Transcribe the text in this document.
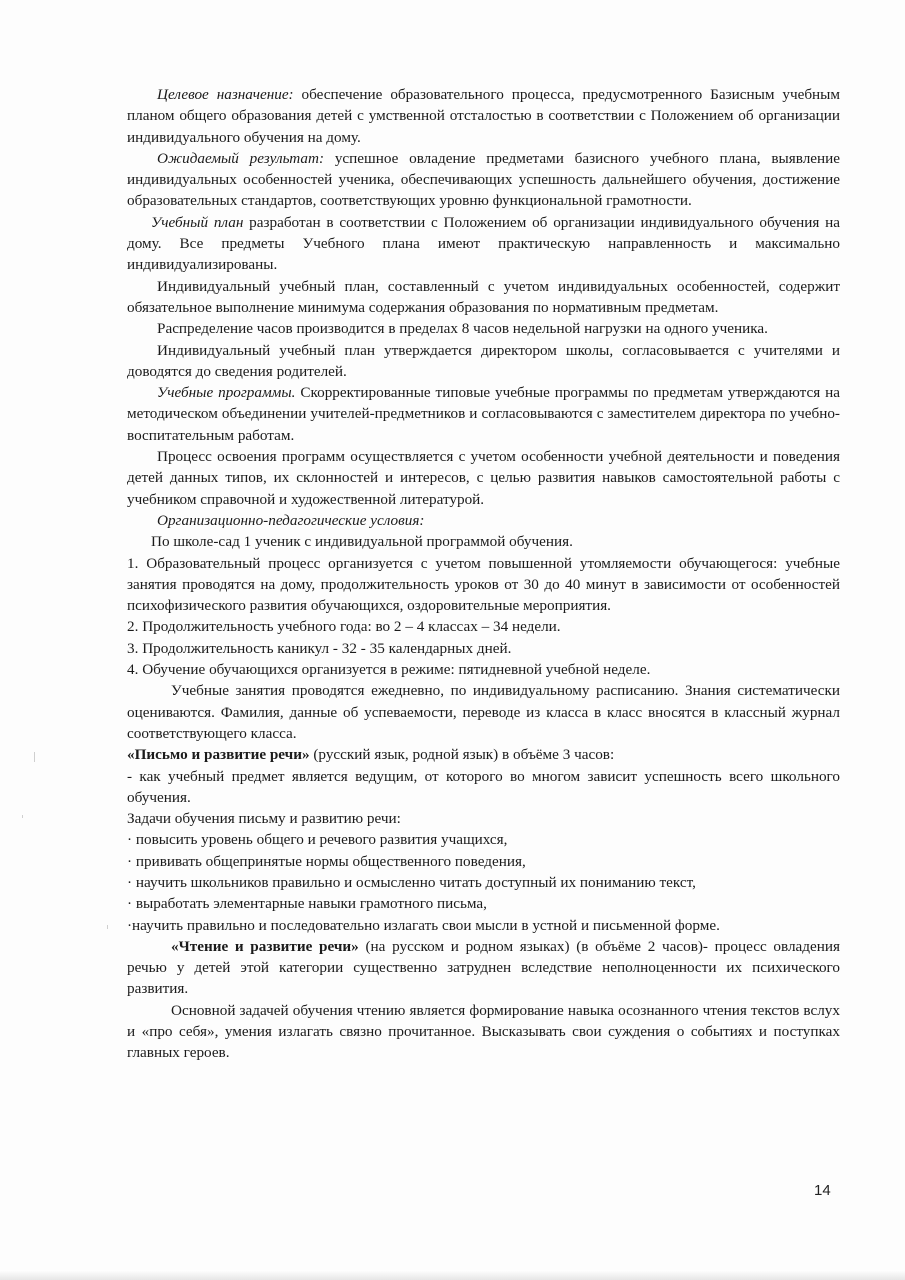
Целевое назначение: обеспечение образовательного процесса, предусмотренного Базисным учебным планом общего образования детей с умственной отсталостью в соответствии с Положением об организации индивидуального обучения на дому.

Ожидаемый результат: успешное овладение предметами базисного учебного плана, выявление индивидуальных особенностей ученика, обеспечивающих успешность дальнейшего обучения, достижение образовательных стандартов, соответствующих уровню функциональной грамотности.

Учебный план разработан в соответствии с Положением об организации индивидуального обучения на дому. Все предметы Учебного плана имеют практическую направленность и максимально индивидуализированы.

Индивидуальный учебный план, составленный с учетом индивидуальных особенностей, содержит обязательное выполнение минимума содержания образования по нормативным предметам.

Распределение часов производится в пределах 8 часов недельной нагрузки на одного ученика.

Индивидуальный учебный план утверждается директором школы, согласовывается с учителями и доводятся до сведения родителей.

Учебные программы. Скорректированные типовые учебные программы по предметам утверждаются на методическом объединении учителей-предметников и согласовываются с заместителем директора по учебно-воспитательным работам.

Процесс освоения программ осуществляется с учетом особенности учебной деятельности и поведения детей данных типов, их склонностей и интересов, с целью развития навыков самостоятельной работы с учебником справочной и художественной литературой.

Организационно-педагогические условия:

По школе-сад 1 ученик с индивидуальной программой обучения.

1. Образовательный процесс организуется с учетом повышенной утомляемости обучающегося: учебные занятия проводятся на дому, продолжительность уроков от 30 до 40 минут в зависимости от особенностей психофизического развития обучающихся, оздоровительные мероприятия.

2. Продолжительность учебного года: во 2 – 4 классах – 34 недели.

3. Продолжительность каникул - 32 - 35 календарных дней.

4. Обучение обучающихся организуется в режиме: пятидневной учебной неделе.

Учебные занятия проводятся ежедневно, по индивидуальному расписанию. Знания систематически оцениваются. Фамилия, данные об успеваемости, переводе из класса в класс вносятся в классный журнал соответствующего класса.

«Письмо и развитие речи» (русский язык, родной язык) в объёме 3 часов:

- как учебный предмет является ведущим, от которого во многом зависит успешность всего школьного обучения.

Задачи обучения письму и развитию речи:

· повысить уровень общего и речевого развития учащихся,

· прививать общепринятые нормы общественного поведения,

· научить школьников правильно и осмысленно читать доступный их пониманию текст,

· выработать элементарные навыки грамотного письма,

·научить правильно и последовательно излагать свои мысли в устной и письменной форме.

«Чтение и развитие речи» (на русском и родном языках) (в объёме 2 часов)- процесс овладения речью у детей этой категории существенно затруднен вследствие неполноценности их психического развития.

Основной задачей обучения чтению является формирование навыка осознанного чтения текстов вслух и «про себя», умения излагать связно прочитанное. Высказывать свои суждения о событиях и поступках главных героев.

14
